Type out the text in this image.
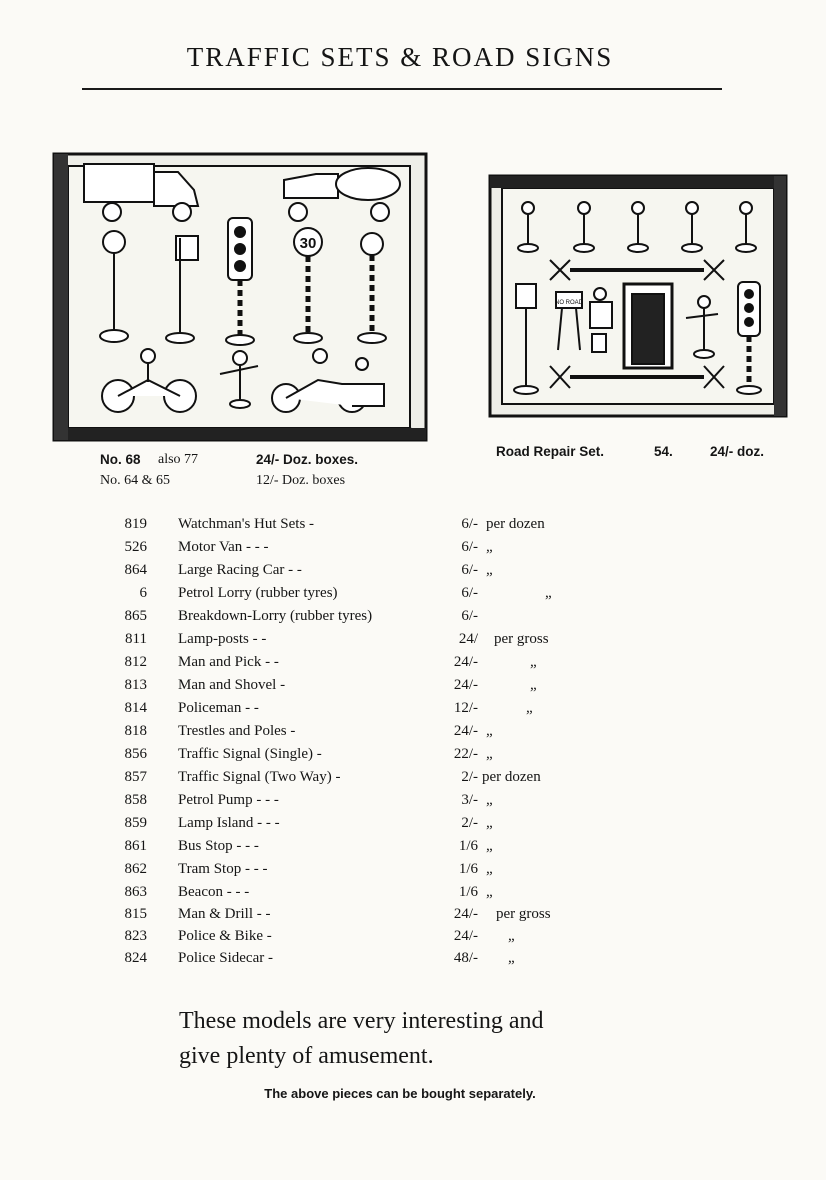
TRAFFIC SETS & ROAD SIGNS
30
NO ROAD
No. 68 also 77	24/- Doz. boxes.
No. 64 & 65	12/- Doz. boxes
Road Repair Set.	54.	24/- doz.
819 Watchman's Hut Sets -	6/- per dozen
526 Motor Van - - -	6/- „
864 Large Racing Car - -	6/- „
6 Petrol Lorry (rubber tyres)	6/-	„
865 Breakdown-Lorry (rubber tyres)	6/-
811 Lamp-posts - -	24/ per gross
812 Man and Pick - -	24/-	„
813 Man and Shovel -	24/-	„
814 Policeman - -	12/-	„
818 Trestles and Poles -	24/- „
856 Traffic Signal (Single) -	22/- „
857 Traffic Signal (Two Way) -	2/- per dozen
858 Petrol Pump - - -	3/- „
859 Lamp Island - - -	2/- „
861 Bus Stop - - -	1/6 „
862 Tram Stop - - -	1/6 „
863 Beacon - - -	1/6 „
815 Man & Drill - -	24/- per gross
823 Police & Bike -	24/- „
824 Police Sidecar -	48/- „
These models are very interesting and
give plenty of amusement.
The above pieces can be bought separately.
